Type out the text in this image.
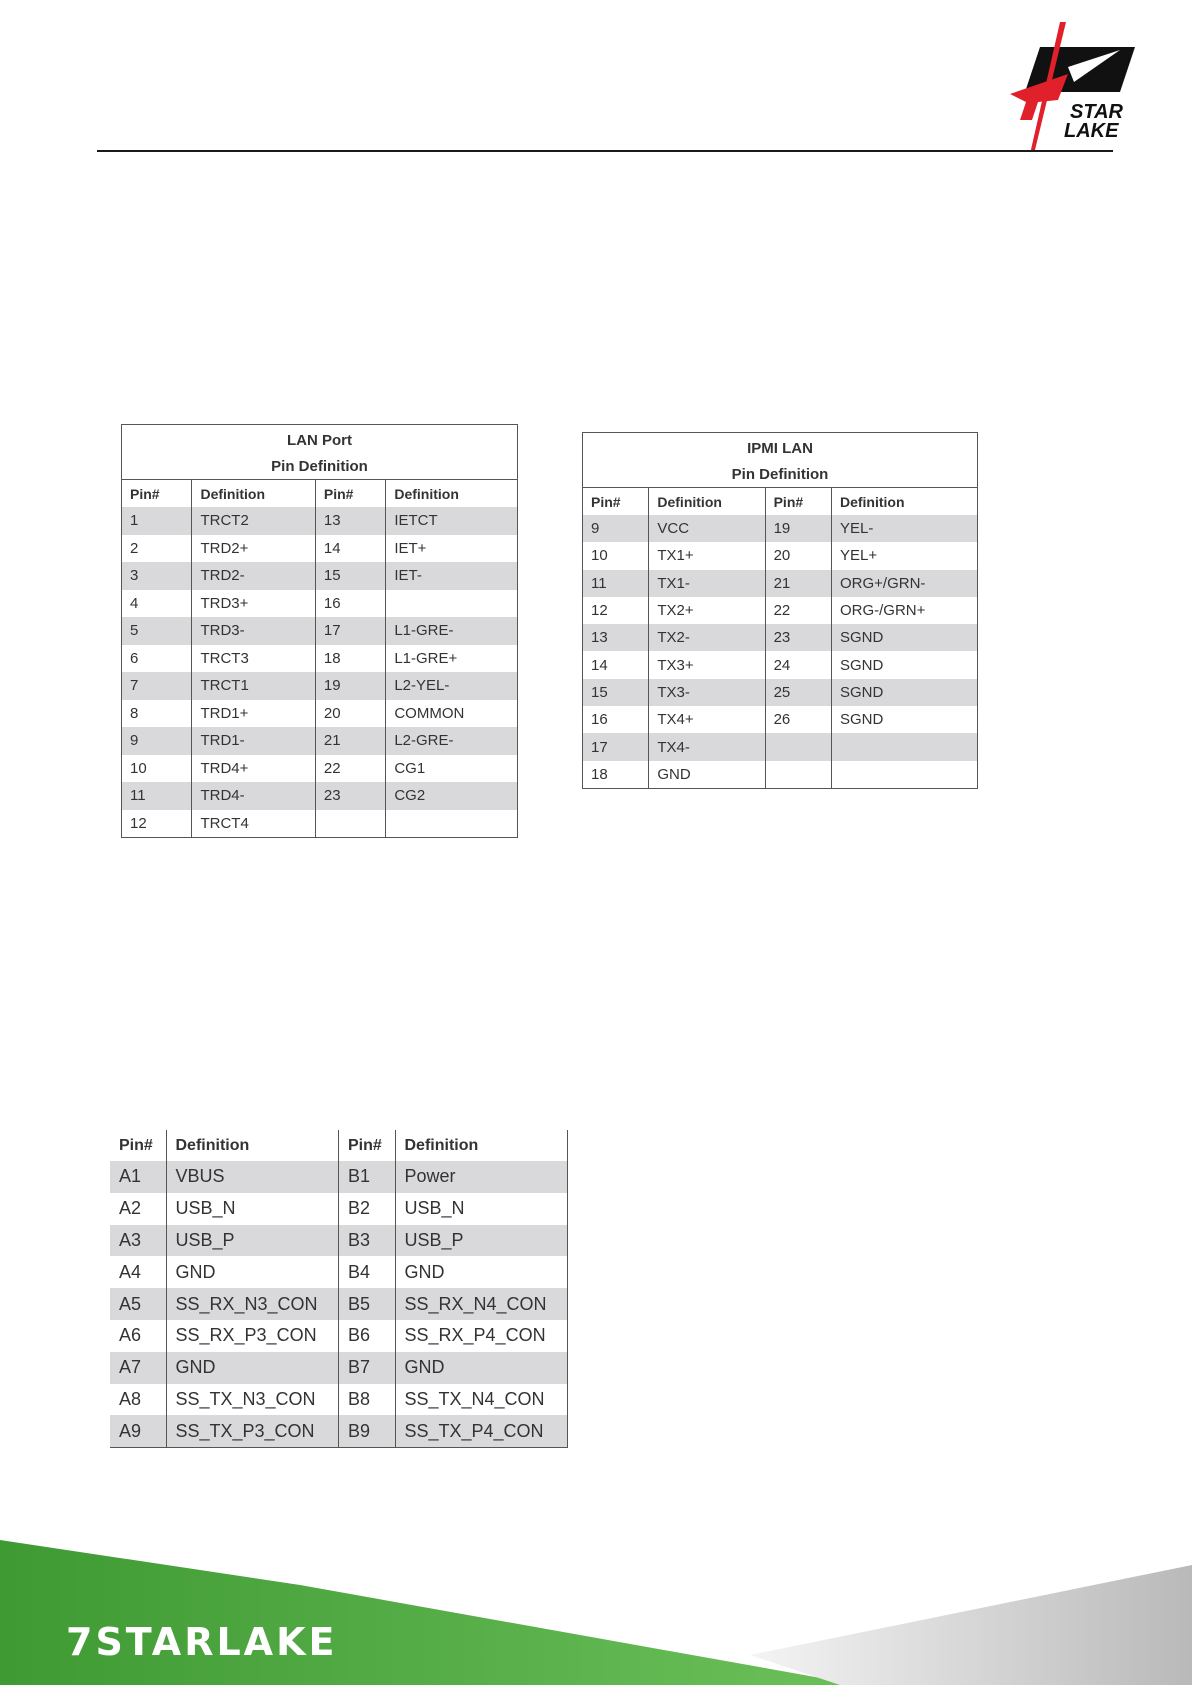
STAR
LAKE
LAN Port			
Pin Definition			
Pin#	Definition	Pin#	Definition
1	TRCT2	13	IETCT
2	TRD2+	14	IET+
3	TRD2-	15	IET-
4	TRD3+	16	
5	TRD3-	17	L1-GRE-
6	TRCT3	18	L1-GRE+
7	TRCT1	19	L2-YEL-
8	TRD1+	20	COMMON
9	TRD1-	21	L2-GRE-
10	TRD4+	22	CG1
11	TRD4-	23	CG2
12	TRCT4		
IPMI LAN			
Pin Definition			
Pin#	Definition	Pin#	Definition
9	VCC	19	YEL-
10	TX1+	20	YEL+
11	TX1-	21	ORG+/GRN-
12	TX2+	22	ORG-/GRN+
13	TX2-	23	SGND
14	TX3+	24	SGND
15	TX3-	25	SGND
16	TX4+	26	SGND
17	TX4-		
18	GND		
Pin#	Definition	Pin#	Definition
A1	VBUS	B1	Power
A2	USB_N	B2	USB_N
A3	USB_P	B3	USB_P
A4	GND	B4	GND
A5	SS_RX_N3_CON	B5	SS_RX_N4_CON
A6	SS_RX_P3_CON	B6	SS_RX_P4_CON
A7	GND	B7	GND
A8	SS_TX_N3_CON	B8	SS_TX_N4_CON
A9	SS_TX_P3_CON	B9	SS_TX_P4_CON
7STARLAKE
